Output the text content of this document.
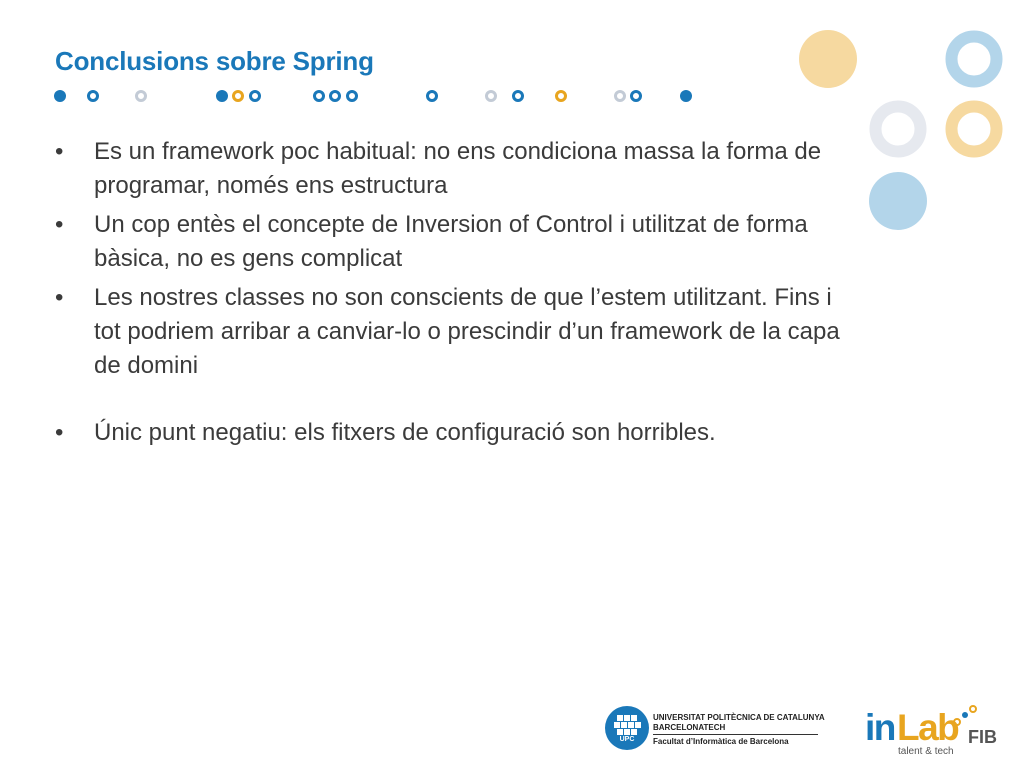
Conclusions sobre Spring
• Es un framework poc habitual: no ens condiciona massa la forma de programar, només ens estructura
• Un cop entès el concepte de Inversion of Control i utilitzat de forma bàsica, no es gens complicat
• Les nostres classes no son conscients de que l’estem utilitzant. Fins i tot podriem arribar a canviar-lo o prescindir d’un framework de la capa de domini
• Únic punt negatiu: els fitxers de configuració son horribles.
UPC
UNIVERSITAT POLITÈCNICA DE CATALUNYA
BARCELONATECH
Facultat d’Informàtica de Barcelona in Lab FIB
talent & tech
